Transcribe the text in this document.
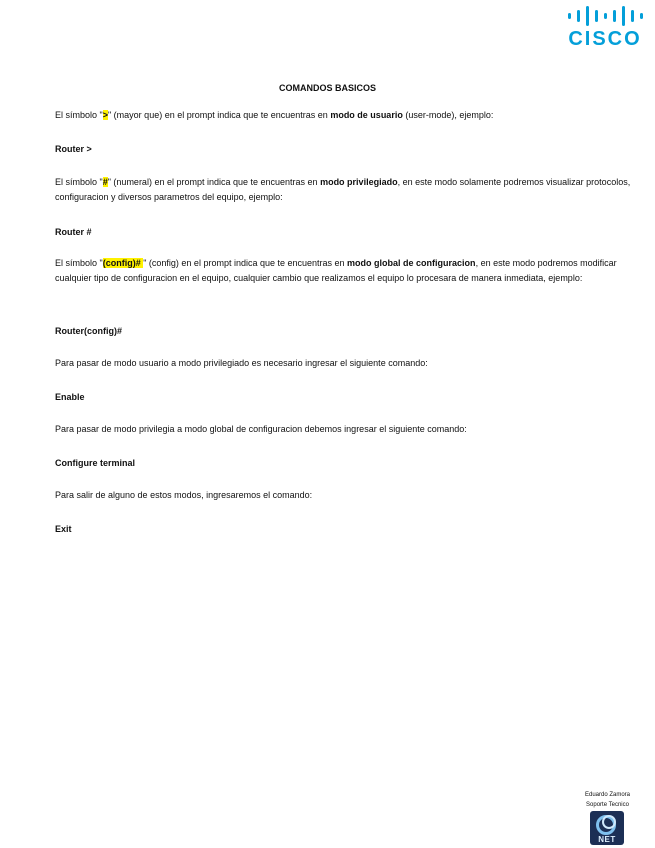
CISCO
COMANDOS BASICOS
El símbolo ">" (mayor que) en el prompt indica que te encuentras en modo de usuario (user-mode), ejemplo:
Router >
El símbolo "#" (numeral) en el prompt indica que te encuentras en modo privilegiado, en este modo solamente podremos visualizar protocolos, configuracion y diversos parametros del equipo, ejemplo:
Router #
El símbolo "(config)# " (config) en el prompt indica que te encuentras en modo global de configuracion, en este modo podremos modificar cualquier tipo de configuracion en el equipo, cualquier cambio que realizamos el equipo lo procesara de manera inmediata, ejemplo:
Router(config)#
Para pasar de modo usuario a modo privilegiado es necesario ingresar el siguiente comando:
Enable
Para pasar de modo privilegia a modo global de configuracion debemos ingresar el siguiente comando:
Configure terminal
Para salir de alguno de estos modos, ingresaremos el comando:
Exit
Eduardo Zamora
Soporte Tecnico
NET
